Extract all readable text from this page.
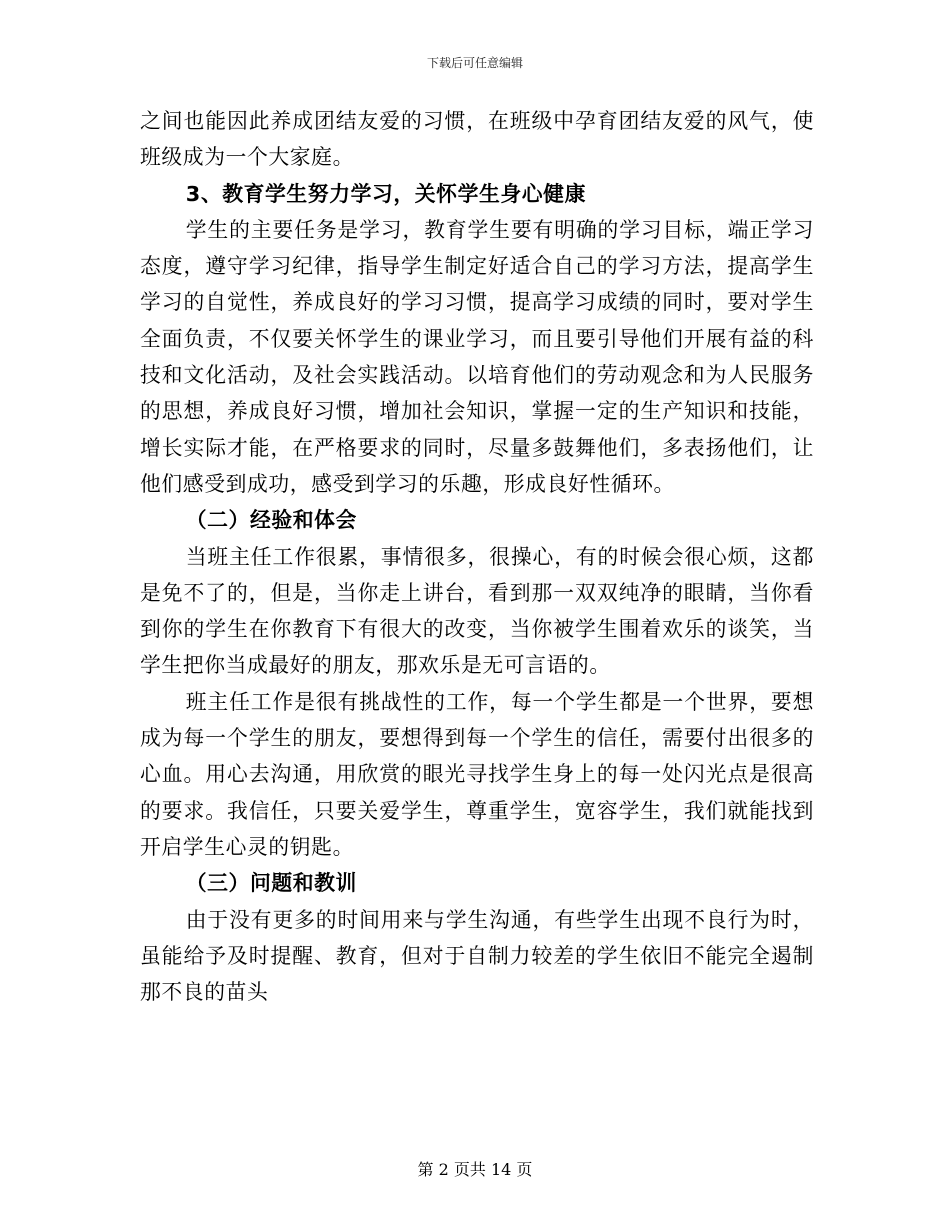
下载后可任意编辑

之间也能因此养成团结友爱的习惯，在班级中孕育团结友爱的风气，使班级成为一个大家庭。

3、教育学生努力学习，关怀学生身心健康

学生的主要任务是学习，教育学生要有明确的学习目标，端正学习态度，遵守学习纪律，指导学生制定好适合自己的学习方法，提高学生学习的自觉性，养成良好的学习习惯，提高学习成绩的同时，要对学生全面负责，不仅要关怀学生的课业学习，而且要引导他们开展有益的科技和文化活动，及社会实践活动。以培育他们的劳动观念和为人民服务的思想，养成良好习惯，增加社会知识，掌握一定的生产知识和技能，增长实际才能，在严格要求的同时，尽量多鼓舞他们，多表扬他们，让他们感受到成功，感受到学习的乐趣，形成良好性循环。

（二）经验和体会

当班主任工作很累，事情很多，很操心，有的时候会很心烦，这都是免不了的，但是，当你走上讲台，看到那一双双纯净的眼睛，当你看到你的学生在你教育下有很大的改变，当你被学生围着欢乐的谈笑，当学生把你当成最好的朋友，那欢乐是无可言语的。

班主任工作是很有挑战性的工作，每一个学生都是一个世界，要想成为每一个学生的朋友，要想得到每一个学生的信任，需要付出很多的心血。用心去沟通，用欣赏的眼光寻找学生身上的每一处闪光点是很高的要求。我信任，只要关爱学生，尊重学生，宽容学生，我们就能找到开启学生心灵的钥匙。

（三）问题和教训

由于没有更多的时间用来与学生沟通，有些学生出现不良行为时，虽能给予及时提醒、教育，但对于自制力较差的学生依旧不能完全遏制那不良的苗头

第 2 页共 14 页
